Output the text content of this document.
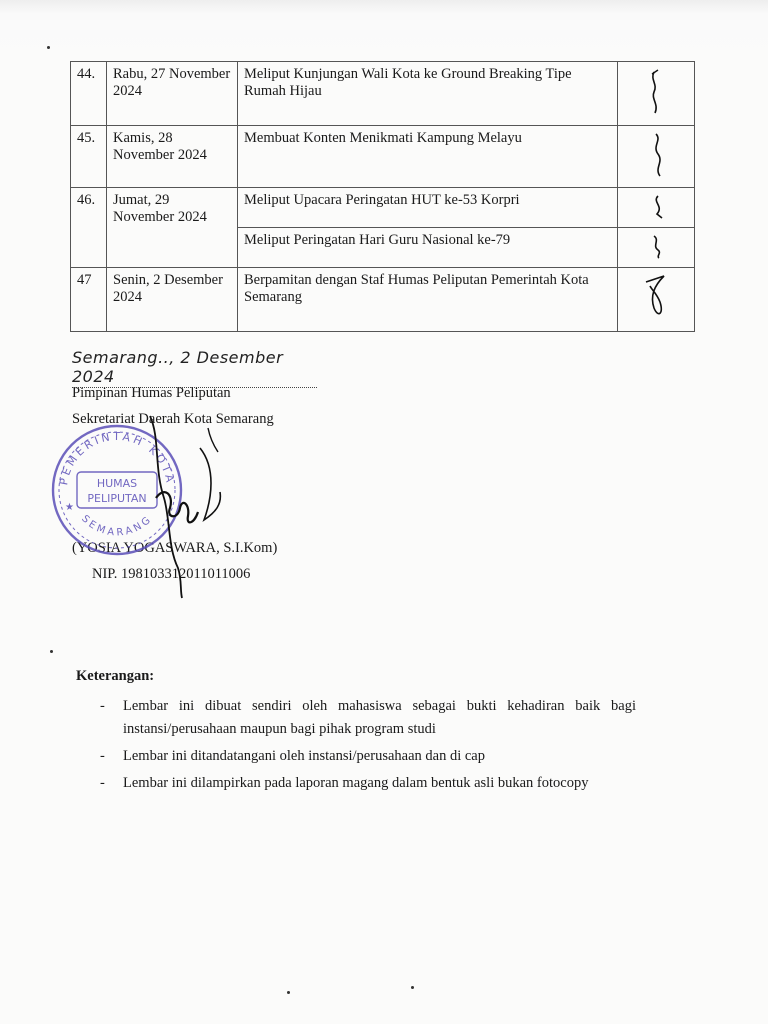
44.	Rabu, 27 November 2024	Meliput Kunjungan Wali Kota ke Ground Breaking Tipe Rumah Hijau	
45.	Kamis, 28 November 2024	Membuat Konten Menikmati Kampung Melayu	
46.	Jumat, 29 November 2024	Meliput Upacara Peringatan HUT ke-53 Korpri	
		Meliput Peringatan Hari Guru Nasional ke-79	
47	Senin, 2 Desember 2024	Berpamitan dengan Staf Humas Peliputan Pemerintah Kota Semarang	
Semarang.., 2 Desember 2024
Pimpinan Humas Peliputan
Sekretariat Daerah Kota Semarang
(YOSIA YOGASWARA, S.I.Kom)
NIP. 198103312011011006
PEMERINTAH KOTA
SEMARANG
HUMAS
PELIPUTAN
★
Keterangan:
- Lembar ini dibuat sendiri oleh mahasiswa sebagai bukti kehadiran baik bagi instansi/perusahaan maupun bagi pihak program studi
- Lembar ini ditandatangani oleh instansi/perusahaan dan di cap
- Lembar ini dilampirkan pada laporan magang dalam bentuk asli bukan fotocopy
